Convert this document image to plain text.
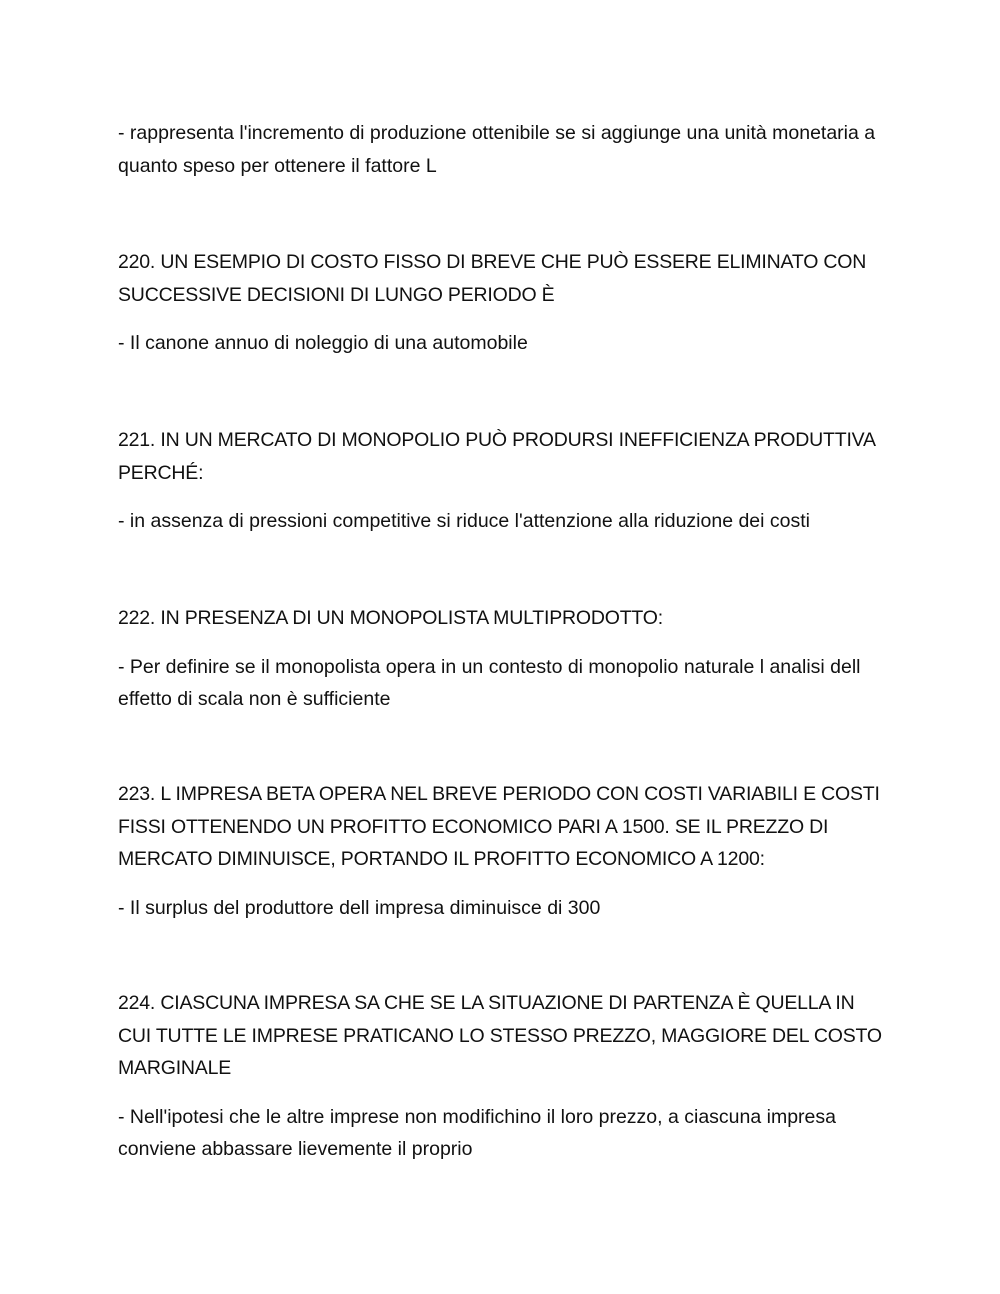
- rappresenta l'incremento di produzione ottenibile se si aggiunge una unità monetaria a quanto speso per ottenere il fattore L

220. UN ESEMPIO DI COSTO FISSO DI BREVE CHE PUÒ ESSERE ELIMINATO CON SUCCESSIVE DECISIONI DI LUNGO PERIODO È

- Il canone annuo di noleggio di una automobile

221. IN UN MERCATO DI MONOPOLIO PUÒ PRODURSI INEFFICIENZA PRODUTTIVA PERCHÉ:

- in assenza di pressioni competitive si riduce l'attenzione alla riduzione dei costi

222. IN PRESENZA DI UN MONOPOLISTA MULTIPRODOTTO:

- Per definire se il monopolista opera in un contesto di monopolio naturale l analisi dell effetto di scala non è sufficiente

223. L IMPRESA BETA OPERA NEL BREVE PERIODO CON COSTI VARIABILI E COSTI FISSI OTTENENDO UN PROFITTO ECONOMICO PARI A 1500. SE IL PREZZO DI MERCATO DIMINUISCE, PORTANDO IL PROFITTO ECONOMICO A 1200:

- Il surplus del produttore dell impresa diminuisce di 300

224. CIASCUNA IMPRESA SA CHE SE LA SITUAZIONE DI PARTENZA È QUELLA IN CUI TUTTE LE IMPRESE PRATICANO LO STESSO PREZZO, MAGGIORE DEL COSTO MARGINALE

- Nell'ipotesi che le altre imprese non modifichino il loro prezzo, a ciascuna impresa conviene abbassare lievemente il proprio
